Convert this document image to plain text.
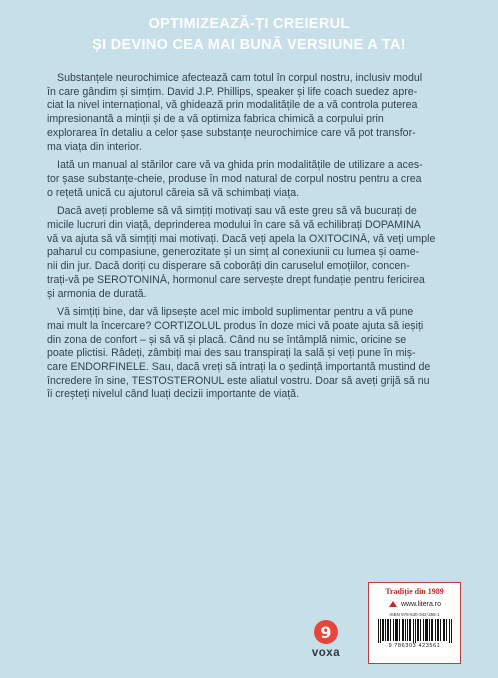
OPTIMIZEAZĂ-ȚI CREIERUL
ȘI DEVINO CEA MAI BUNĂ VERSIUNE A TA!

Substanțele neurochimice afectează cam totul în corpul nostru, inclusiv modul
în care gândim și simțim. David J.P. Phillips, speaker și life coach suedez apre-
ciat la nivel internațional, vă ghidează prin modalitățile de a vă controla puterea
impresionantă a minții și de a vă optimiza fabrica chimică a corpului prin
explorarea în detaliu a celor șase substanțe neurochimice care vă pot transfor-
ma viața din interior.

Iată un manual al stărilor care vă va ghida prin modalitățile de utilizare a aces-
tor șase substanțe-cheie, produse în mod natural de corpul nostru pentru a crea
o rețetă unică cu ajutorul căreia să vă schimbați viața.

Dacă aveți probleme să vă simțiți motivați sau vă este greu să vă bucurați de
micile lucruri din viață, deprinderea modului în care să vă echilibrați DOPAMINA
vă va ajuta să vă simțiți mai motivați. Dacă veți apela la OXITOCINĂ, vă veți umple
paharul cu compasiune, generozitate și un simț al conexiunii cu lumea și oame-
nii din jur. Dacă doriți cu disperare să coborâți din caruselul emoțiilor, concen-
trați-vă pe SEROTONINĂ, hormonul care servește drept fundație pentru fericirea
și armonia de durată.

Vă simțiți bine, dar vă lipsește acel mic imbold suplimentar pentru a vă pune
mai mult la încercare? CORTIZOLUL produs în doze mici vă poate ajuta să ieșiți
din zona de confort – și să vă și placă. Când nu se întâmplă nimic, oricine se
poate plictisi. Râdeți, zâmbiți mai des sau transpirați la sală și veți pune în miș-
care ENDORFINELE. Sau, dacă vreți să intrați la o ședință importantă mustind de
încredere în sine, TESTOSTERONUL este aliatul vostru. Doar să aveți grijă să nu
îi creșteți nivelul când luați decizii importante de viață.

9
voxa
Tradiție din 1989
www.litera.ro
ISBN 978-630-342-356-1
9 786303 423561
